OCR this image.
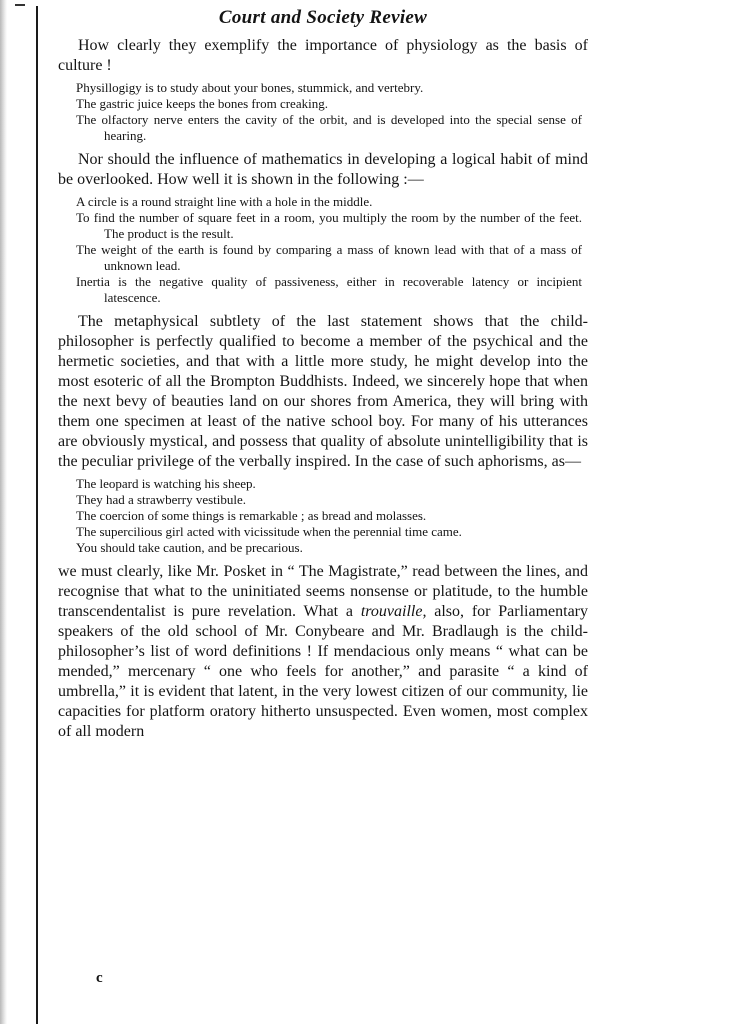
Court and Society Review

How clearly they exemplify the importance of physiology as the basis of culture !

Physillogigy is to study about your bones, stummick, and vertebry.

The gastric juice keeps the bones from creaking.

The olfactory nerve enters the cavity of the orbit, and is developed into the special sense of hearing.

Nor should the influence of mathematics in developing a logical habit of mind be overlooked. How well it is shown in the following :—

A circle is a round straight line with a hole in the middle.

To find the number of square feet in a room, you multiply the room by the number of the feet. The product is the result.

The weight of the earth is found by comparing a mass of known lead with that of a mass of unknown lead.

Inertia is the negative quality of passiveness, either in recoverable latency or incipient latescence.

The metaphysical subtlety of the last statement shows that the child-philosopher is perfectly qualified to become a member of the psychical and the hermetic societies, and that with a little more study, he might develop into the most esoteric of all the Brompton Buddhists. Indeed, we sincerely hope that when the next bevy of beauties land on our shores from America, they will bring with them one specimen at least of the native school boy. For many of his utterances are obviously mystical, and possess that quality of absolute unintelligibility that is the peculiar privilege of the verbally inspired. In the case of such aphorisms, as—

The leopard is watching his sheep.

They had a strawberry vestibule.

The coercion of some things is remarkable ; as bread and molasses.

The supercilious girl acted with vicissitude when the perennial time came.

You should take caution, and be precarious.

we must clearly, like Mr. Posket in “ The Magistrate,” read between the lines, and recognise that what to the uninitiated seems nonsense or platitude, to the humble transcendentalist is pure revelation. What a trouvaille, also, for Parliamentary speakers of the old school of Mr. Conybeare and Mr. Bradlaugh is the child-philosopher’s list of word definitions ! If mendacious only means “ what can be mended,” mercenary “ one who feels for another,” and parasite “ a kind of umbrella,” it is evident that latent, in the very lowest citizen of our community, lie capacities for platform oratory hitherto unsuspected. Even women, most complex of all modern

c
